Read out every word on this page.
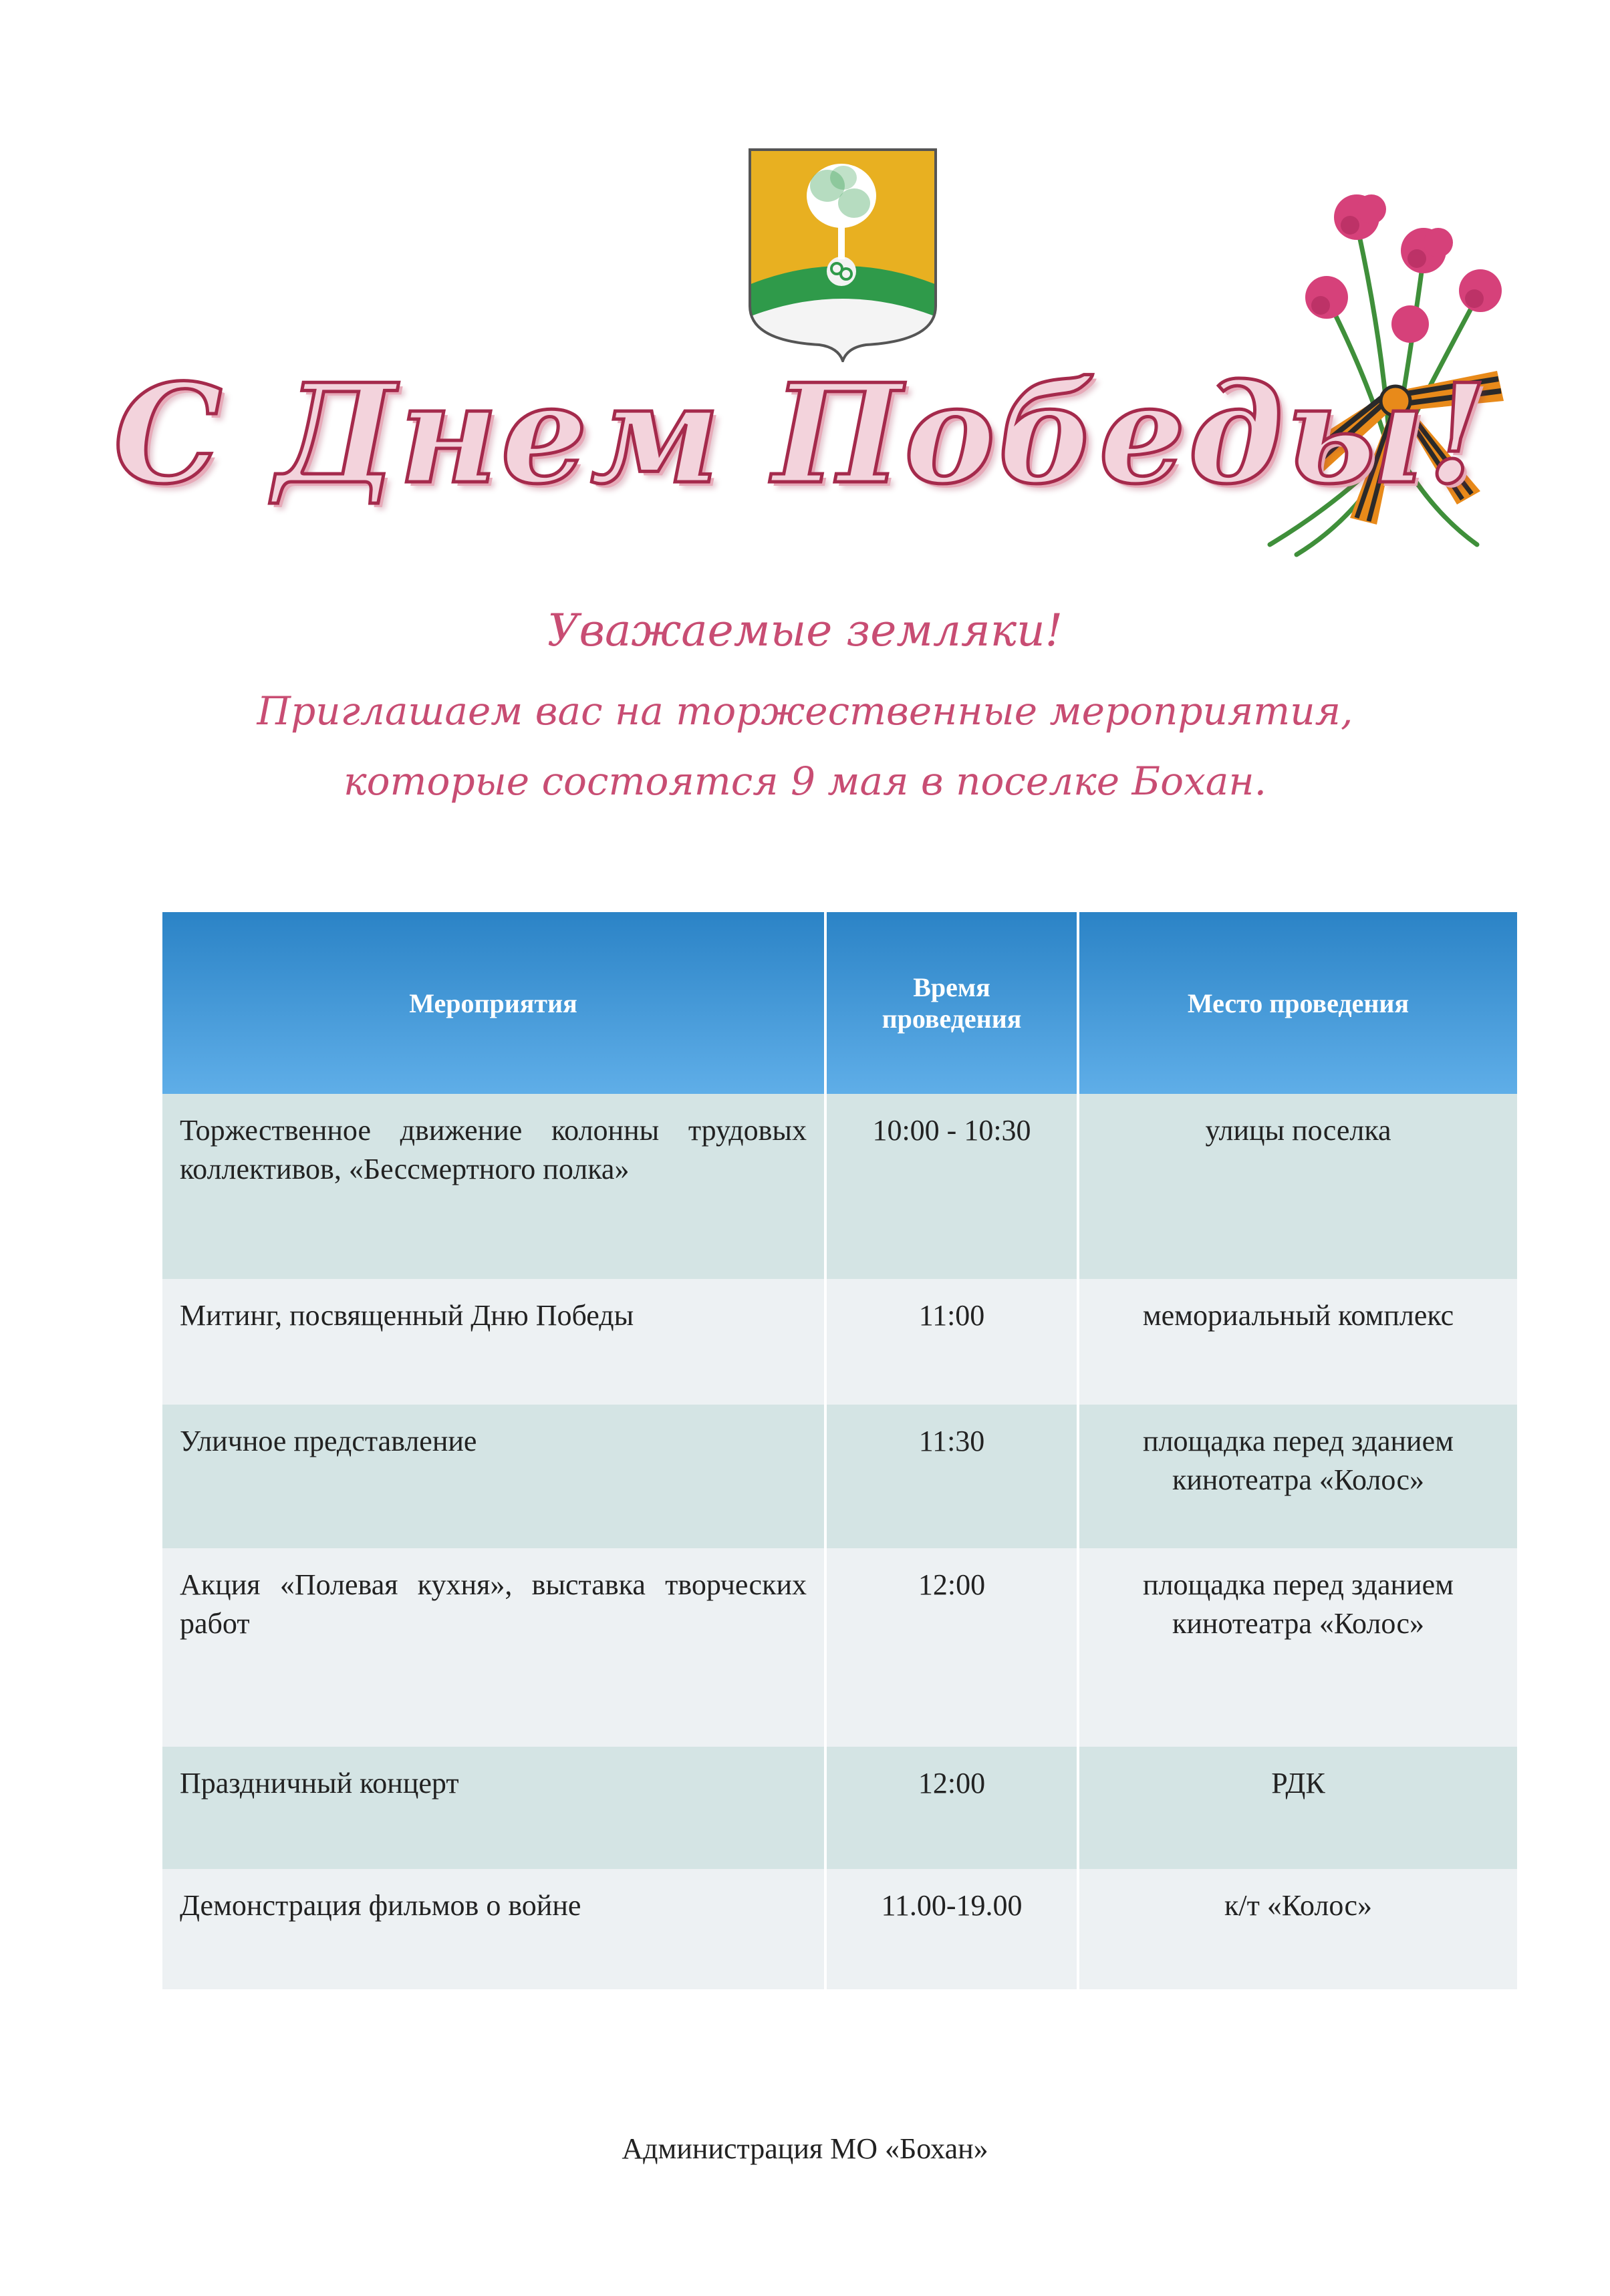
С Днем Победы!

Уважаемые земляки!

Приглашаем вас на торжественные мероприятия,

которые состоятся 9 мая в поселке Бохан.

Мероприятия	Время проведения	Место проведения
Торжественное движение колонны трудовых коллективов, «Бессмертного полка»	10:00 - 10:30	улицы поселка
Митинг, посвященный Дню Победы	11:00	мемориальный комплекс
Уличное представление	11:30	площадка перед зданием кинотеатра «Колос»
Акция «Полевая кухня», выставка творческих работ	12:00	площадка перед зданием кинотеатра «Колос»
Праздничный концерт	12:00	РДК
Демонстрация фильмов о войне	11.00-19.00	к/т «Колос»

Администрация МО «Бохан»
